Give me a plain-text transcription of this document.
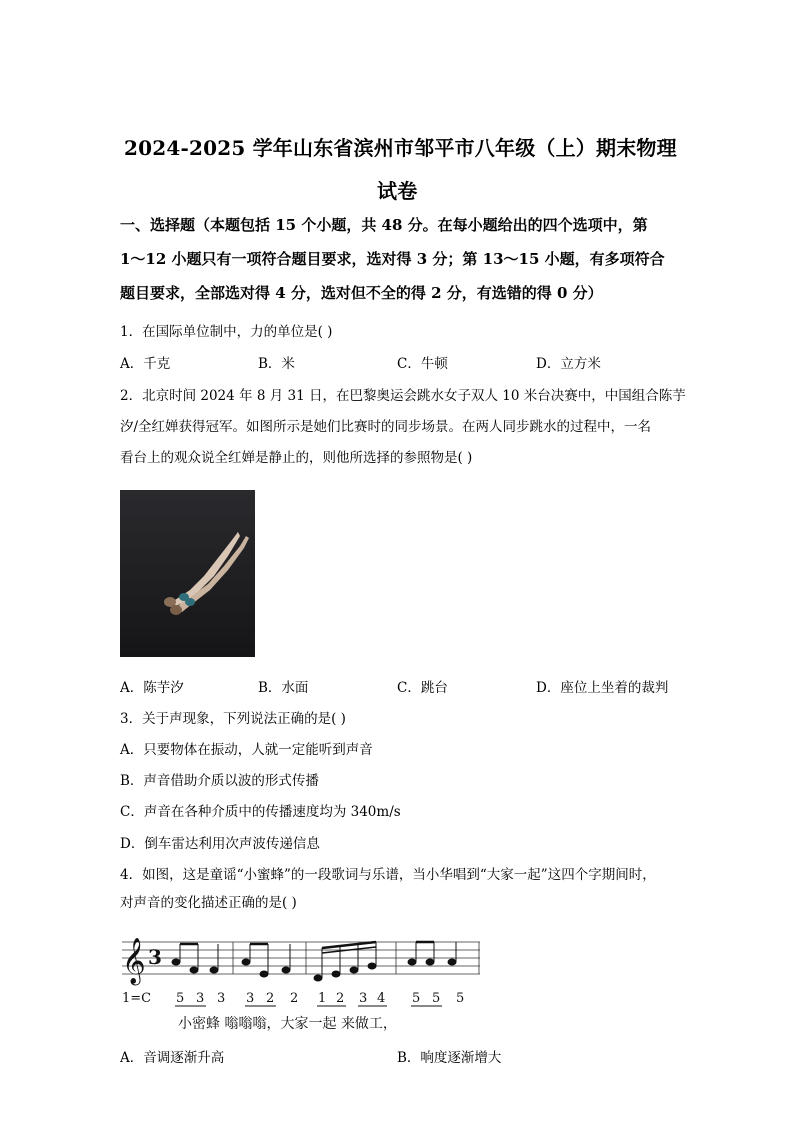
2024-2025 学年山东省滨州市邹平市八年级（上）期末物理
试卷
一、选择题（本题包括 15 个小题，共 48 分。在每小题给出的四个选项中，第
1～12 小题只有一项符合题目要求，选对得 3 分；第 13～15 小题，有多项符合
题目要求，全部选对得 4 分，选对但不全的得 2 分，有选错的得 0 分）
1．在国际单位制中，力的单位是( )
A．千克	B．米	C．牛顿	D．立方米
2．北京时间 2024 年 8 月 31 日，在巴黎奥运会跳水女子双人 10 米台决赛中，中国组合陈芋
汐/全红婵获得冠军。如图所示是她们比赛时的同步场景。在两人同步跳水的过程中，一名
看台上的观众说全红婵是静止的，则他所选择的参照物是( )
A．陈芋汐	B．水面	C．跳台	D．座位上坐着的裁判
3．关于声现象，下列说法正确的是( )
A．只要物体在振动，人就一定能听到声音
B．声音借助介质以波的形式传播
C．声音在各种介质中的传播速度均为 340m/s
D．倒车雷达利用次声波传递信息
4．如图，这是童谣“小蜜蜂”的一段歌词与乐谱，当小华唱到“大家一起”这四个字期间时，
对声音的变化描述正确的是( )
𝄞 3
1=C 5 3 3 3 2 2 1 2 3 4 5 5 5
小密蜂 嗡嗡嗡，大家一起 来做工，
A．音调逐渐升高	B．响度逐渐增大
